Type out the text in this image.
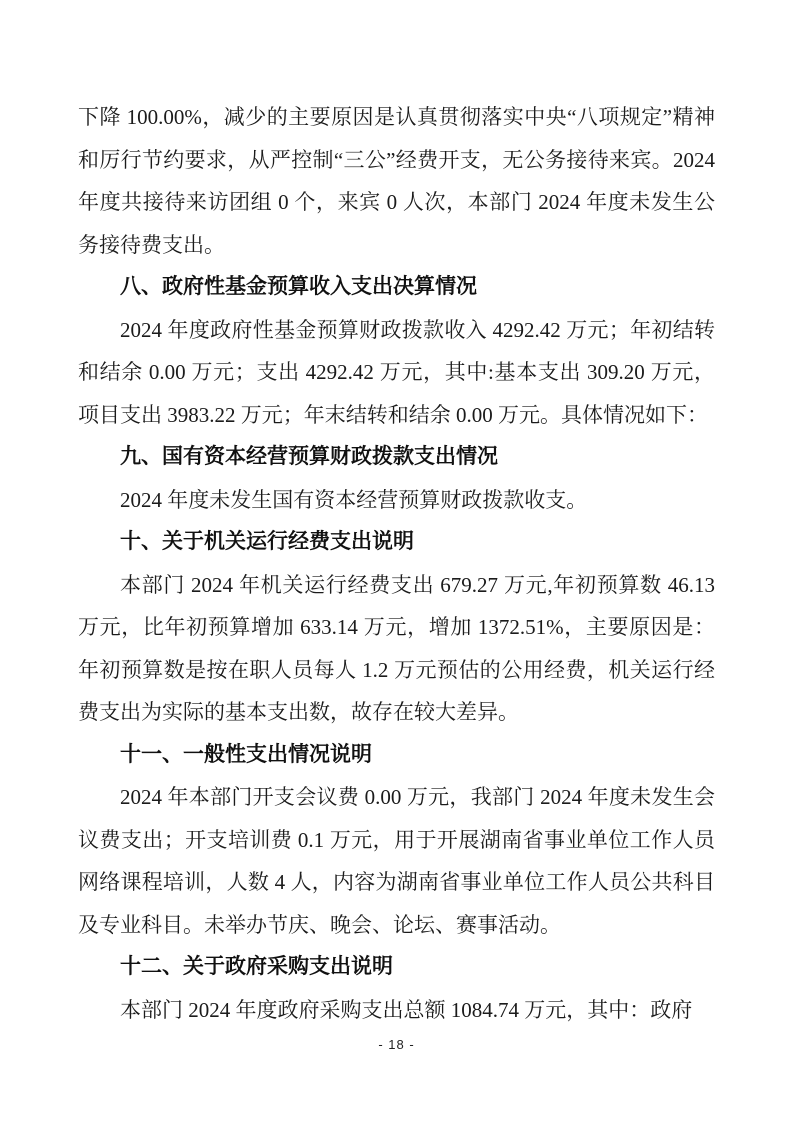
下降 100.00%，减少的主要原因是认真贯彻落实中央“八项规定”精神和厉行节约要求，从严控制“三公”经费开支，无公务接待来宾。2024 年度共接待来访团组 0 个，来宾 0 人次，本部门 2024 年度未发生公务接待费支出。

八、政府性基金预算收入支出决算情况

2024 年度政府性基金预算财政拨款收入 4292.42 万元；年初结转和结余 0.00 万元；支出 4292.42 万元，其中:基本支出 309.20 万元，项目支出 3983.22 万元；年末结转和结余 0.00 万元。具体情况如下：

九、国有资本经营预算财政拨款支出情况

2024 年度未发生国有资本经营预算财政拨款收支。

十、关于机关运行经费支出说明

本部门 2024 年机关运行经费支出 679.27 万元,年初预算数 46.13 万元，比年初预算增加 633.14 万元，增加 1372.51%，主要原因是：年初预算数是按在职人员每人 1.2 万元预估的公用经费，机关运行经费支出为实际的基本支出数，故存在较大差异。

十一、一般性支出情况说明

2024 年本部门开支会议费 0.00 万元，我部门 2024 年度未发生会议费支出；开支培训费 0.1 万元，用于开展湖南省事业单位工作人员网络课程培训，人数 4 人，内容为湖南省事业单位工作人员公共科目及专业科目。未举办节庆、晚会、论坛、赛事活动。

十二、关于政府采购支出说明

本部门 2024 年度政府采购支出总额 1084.74 万元，其中：政府

- 18 -
